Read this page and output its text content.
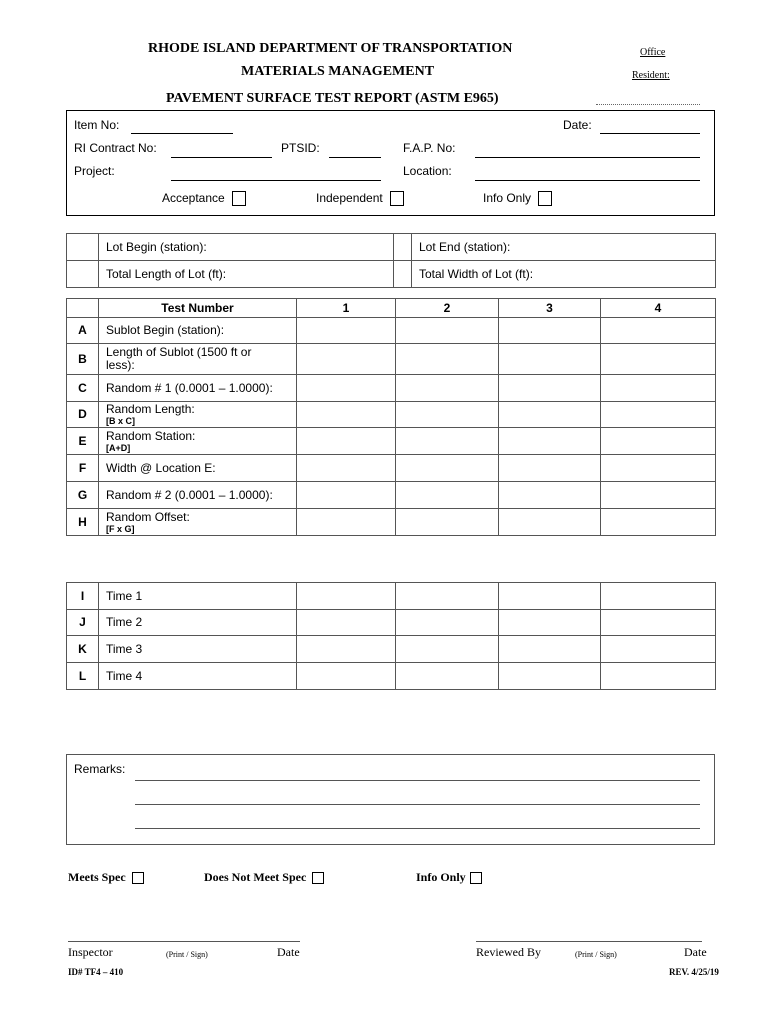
RHODE ISLAND DEPARTMENT OF TRANSPORTATION
MATERIALS MANAGEMENT
PAVEMENT SURFACE TEST REPORT (ASTM E965)
Office
Resident:
Item No:	Date:
RI Contract No:	PTSID:	F.A.P. No:
Project:	Location:
Acceptance	Independent	Info Only
	Lot Begin (station):		Lot End (station):
	Total Length of Lot (ft):		Total Width of Lot (ft):
	Test Number	1	2	3	4
A	Sublot Begin (station):				
B	Length of Sublot (1500 ft or less):				
C	Random # 1 (0.0001 – 1.0000):				
D	Random Length:
[B x C]				

E	Random Station:
[A+D]				

F	Width @ Location E:				
G	Random # 2 (0.0001 – 1.0000):				
H	Random Offset:
[F x G]				

I	Time 1				
J	Time 2				
K	Time 3				
L	Time 4				
Remarks:
Meets Spec	Does Not Meet Spec	Info Only
Inspector	(Print / Sign)	Date	Reviewed By	(Print / Sign)	Date
ID# TF4 – 410	REV. 4/25/19
